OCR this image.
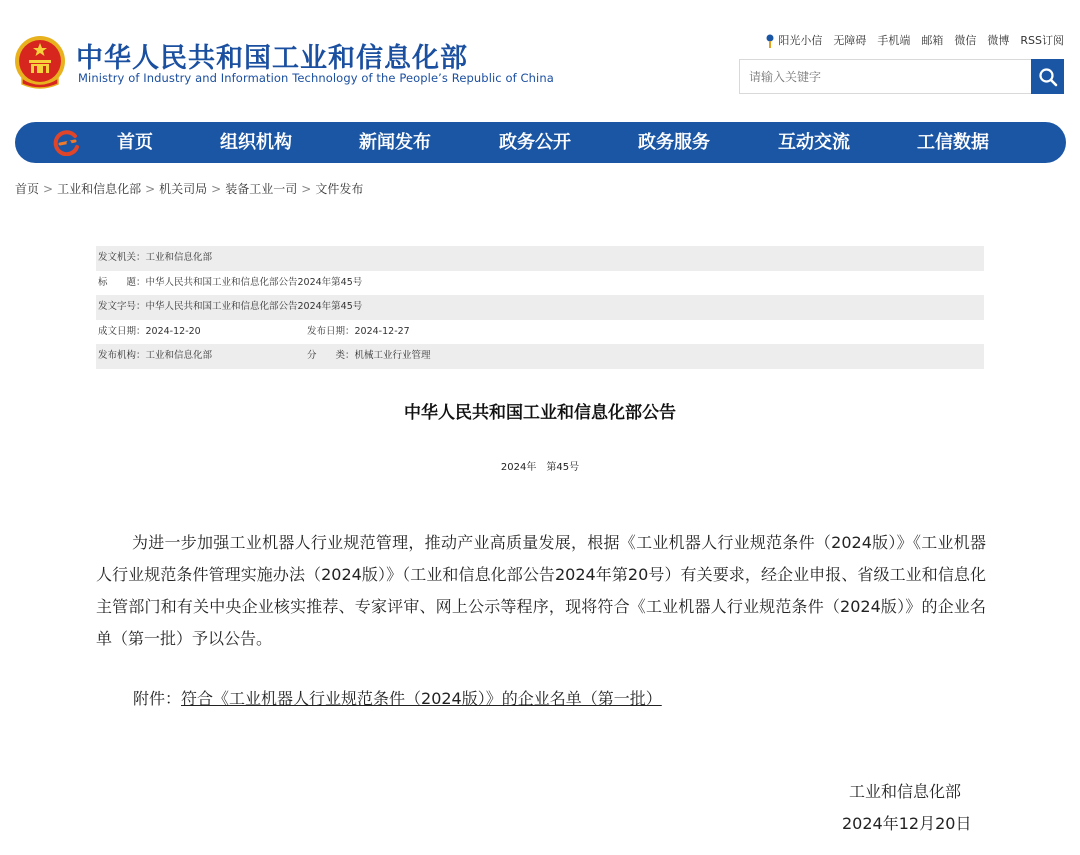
中华人民共和国工业和信息化部
Ministry of Industry and Information Technology of the People’s Republic of China
阳光小信 无障碍 手机端 邮箱 微信 微博 RSS订阅
请输入关键字
首页	组织机构	新闻发布	政务公开	政务服务	互动交流	工信数据
首页 > 工业和信息化部 > 机关司局 > 装备工业一司 > 文件发布
发文机关：工业和信息化部
标　　题：中华人民共和国工业和信息化部公告2024年第45号
发文字号：中华人民共和国工业和信息化部公告2024年第45号
成文日期：2024-12-20	发布日期：2024-12-27
发布机构：工业和信息化部	分　　类：机械工业行业管理
中华人民共和国工业和信息化部公告
2024年　第45号
为进一步加强工业机器人行业规范管理，推动产业高质量发展，根据《工业机器人行业规范条件（2024版）》《工业机器人行业规范条件管理实施办法（2024版）》（工业和信息化部公告2024年第20号）有关要求，经企业申报、省级工业和信息化主管部门和有关中央企业核实推荐、专家评审、网上公示等程序，现将符合《工业机器人行业规范条件（2024版）》的企业名单（第一批）予以公告。
附件：符合《工业机器人行业规范条件（2024版）》的企业名单（第一批）
工业和信息化部
2024年12月20日
